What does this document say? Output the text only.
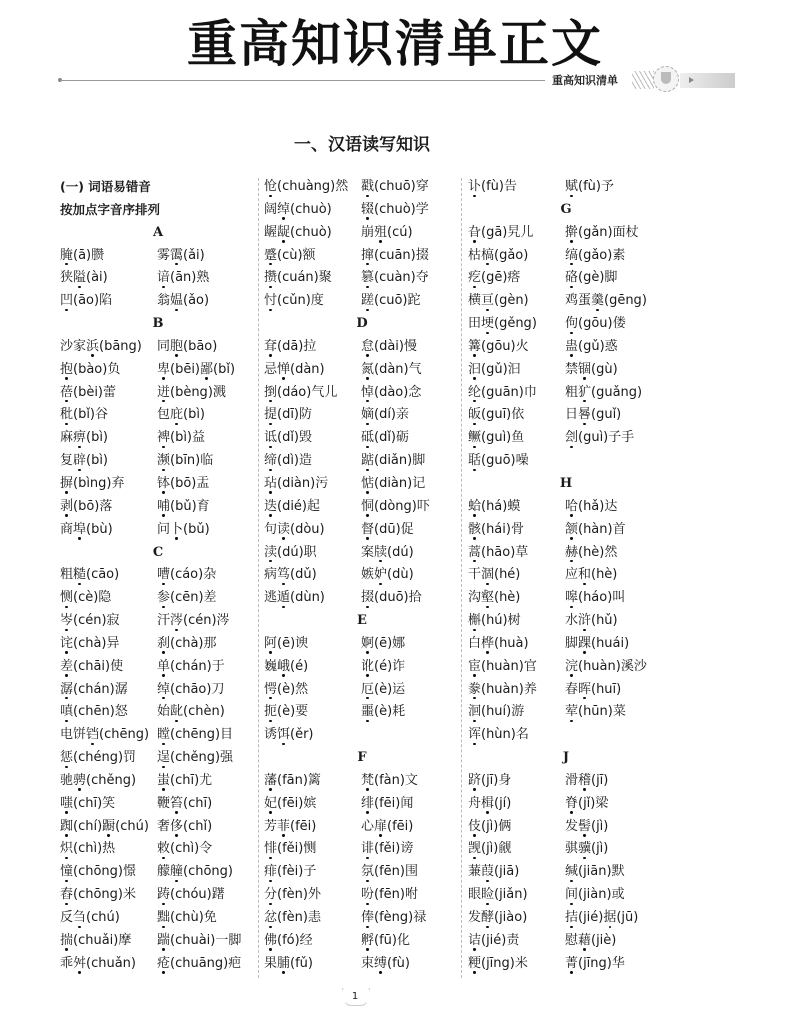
重高知识清单正文
重高知识清单
一、汉语读写知识
(一) 词语易错音
按加点字音序排列
A
腌(ā)臜	雾霭(ǎi)
狭隘(ài)	谙(ān)熟
凹(āo)陷	翁媪(ǎo)
B
沙家浜(bāng) 同胞(bāo)
抱(bào)负	卑(bēi)鄙(bǐ)
蓓(bèi)蕾	迸(bèng)溅
秕(bǐ)谷	包庇(bì)
麻痹(bì)	裨(bì)益
复辟(bì)	濒(bīn)临
摒(bìng)弃	钵(bō)盂
剥(bō)落	哺(bǔ)育
商埠(bù)	问卜(bǔ)
C
粗糙(cāo)	嘈(cáo)杂
恻(cè)隐	参(cēn)差
岑(cén)寂	汗涔(cén)涔
诧(chà)异	刹(chà)那
差(chāi)使	单(chán)于
潺(chán)潺 绰(chāo)刀
嗔(chēn)怒 始龀(chèn)
电饼铛(chēng) 瞠(chēng)目
惩(chéng)罚 逞(chěng)强
驰骋(chěng) 蚩(chī)尤
嗤(chī)笑	鞭笞(chī)
踟(chí)蹰(chú) 奢侈(chǐ)
炽(chì)热	敕(chì)令
憧(chōng)憬 艨艟(chōng)
舂(chōng)米 踌(chóu)躇
反刍(chú)	黜(chù)免
揣(chuǎi)摩 踹(chuài)一脚
乖舛(chuǎn) 疮(chuāng)疤
怆(chuàng)然 戳(chuō)穿
阔绰(chuò) 辍(chuò)学
龌龊(chuò) 崩殂(cú)
蹙(cù)额	撺(cuān)掇
攒(cuán)聚 篡(cuàn)夺
忖(cǔn)度	蹉(cuō)跎
D
耷(dā)拉	怠(dài)慢
忌惮(dàn)	氮(dàn)气
捯(dáo)气儿 悼(dào)念
提(dī)防	嫡(dí)亲
诋(dǐ)毁	砥(dǐ)砺
缔(dì)造	踮(diǎn)脚
玷(diàn)污	惦(diàn)记
迭(dié)起	恫(dòng)吓
句读(dòu)	督(dū)促
渎(dú)职	案牍(dú)
病笃(dǔ)	嫉妒(dù)
逃遁(dùn)	掇(duō)拾
E
阿(ē)谀	婀(ē)娜
巍峨(é)	讹(é)诈
愕(è)然	厄(è)运
扼(è)要	噩(è)耗
诱饵(ěr)
F
藩(fān)篱	梵(fàn)文
妃(fēi)嫔	绯(fēi)闻
芳菲(fēi)	心扉(fēi)
悱(fěi)恻	诽(fěi)谤
痱(fèi)子	氛(fēn)围
分(fèn)外	吩(fēn)咐
忿(fèn)恚	俸(fèng)禄
佛(fó)经	孵(fū)化
果脯(fǔ)	束缚(fù)
讣(fù)告	赋(fù)予
G
旮(gā)旯儿 擀(gǎn)面杖
枯槁(gǎo)	缟(gǎo)素
疙(gē)瘩	硌(gè)脚
横亘(gèn)	鸡蛋羹(gēng)
田埂(gěng) 佝(gōu)偻
篝(gōu)火	蛊(gǔ)惑
汩(gǔ)汩	禁锢(gù)
纶(guān)巾 粗犷(guǎng)
皈(guī)依	日晷(guǐ)
鳜(guì)鱼	刽(guì)子手
聒(guō)噪
H
蛤(há)蟆	哈(hǎ)达
骸(hái)骨	颔(hàn)首
蒿(hāo)草	赫(hè)然
干涸(hé)	应和(hè)
沟壑(hè)	嗥(háo)叫
槲(hú)树	水浒(hǔ)
白桦(huà)	脚踝(huái)
宦(huàn)官 浣(huàn)溪沙
豢(huàn)养 春晖(huī)
洄(huí)游	荤(hūn)菜
诨(hùn)名
J
跻(jī)身	滑稽(jī)
舟楫(jí)	脊(jǐ)梁
伎(jì)俩	发髻(jì)
觊(jì)觎	骐骥(jì)
蒹葭(jiā)	缄(jiān)默
眼睑(jiǎn)	间(jiàn)或
发酵(jiào)	拮(jié)据(jū)
诘(jié)责	慰藉(jiè)
粳(jīng)米	菁(jīng)华
1
